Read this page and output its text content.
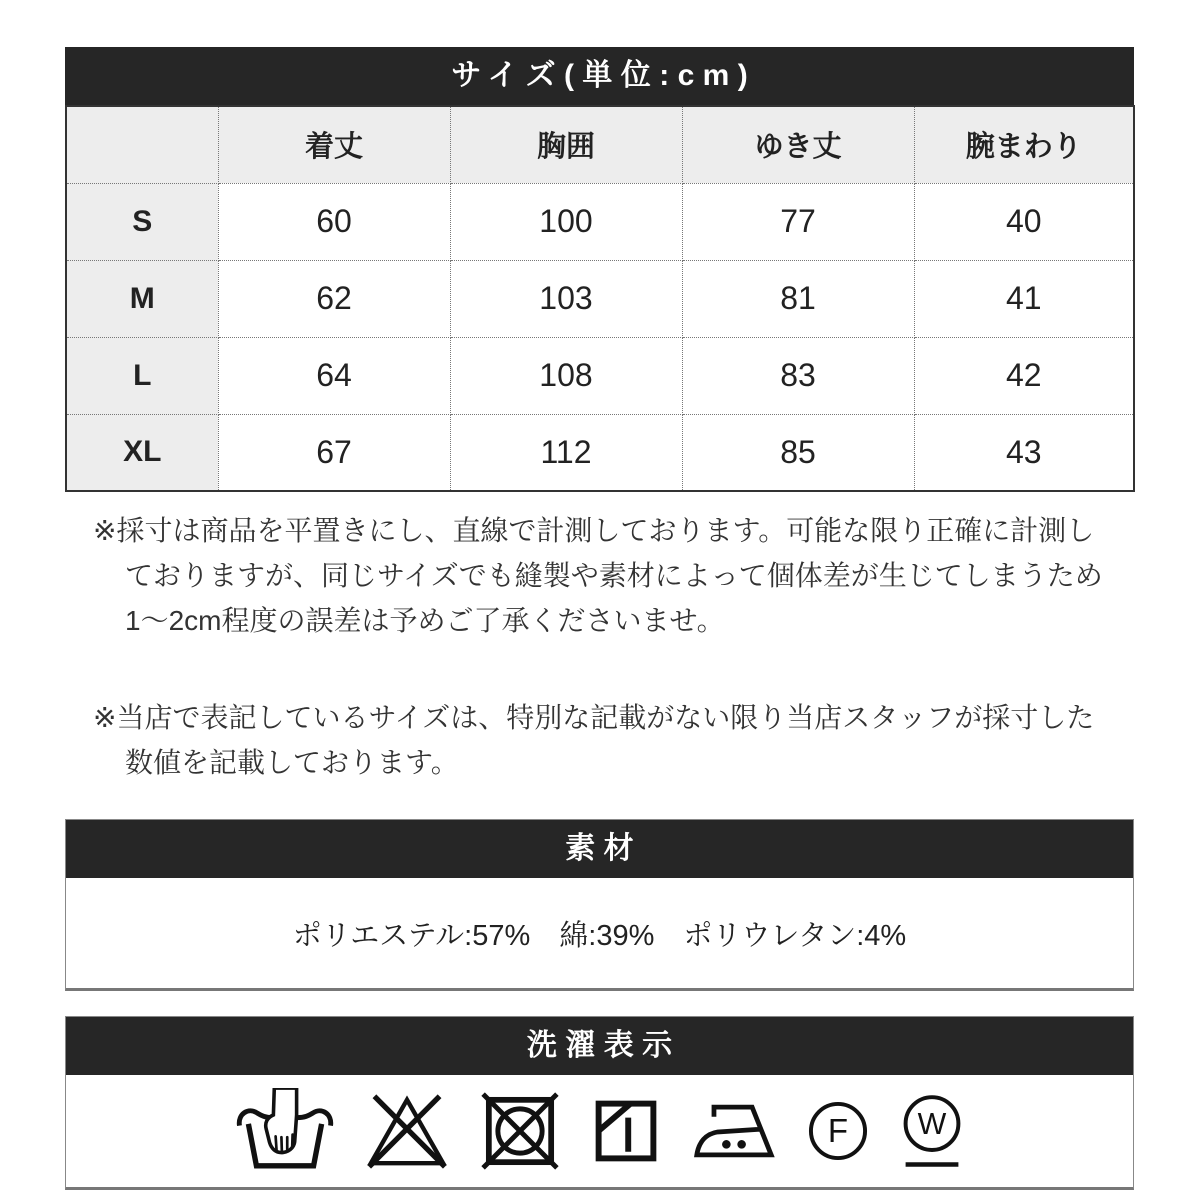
サイズ(単位:cm)
	着丈	胸囲	ゆき丈	腕まわり
S	60	100	77	40
M	62	103	81	41
L	64	108	83	42
XL	67	112	85	43
※採寸は商品を平置きにし、直線で計測しております。可能な限り正確に計測し
ておりますが、同じサイズでも縫製や素材によって個体差が生じてしまうため
1〜2cm程度の誤差は予めご了承くださいませ。
※当店で表記しているサイズは、特別な記載がない限り当店スタッフが採寸した
数値を記載しております。
素材
ポリエステル:57%　綿:39%　ポリウレタン:4%
洗濯表示
F W
